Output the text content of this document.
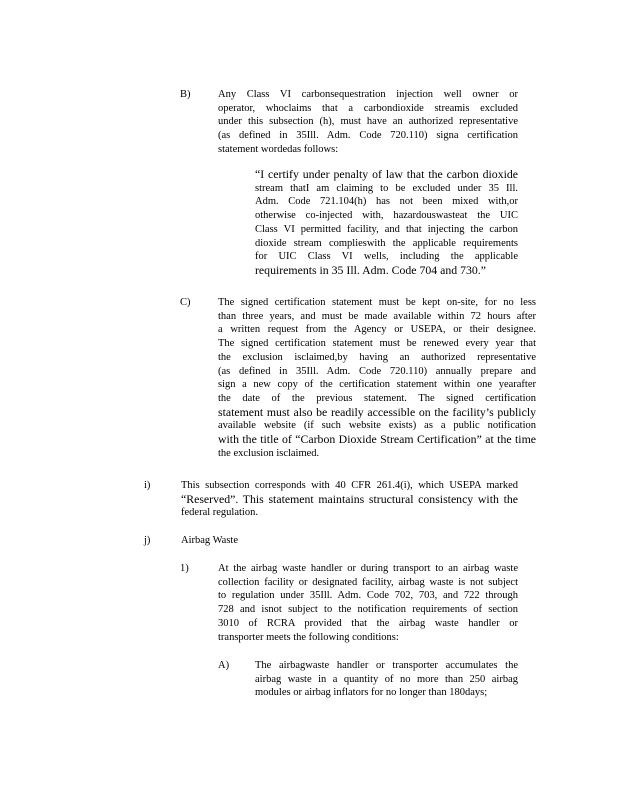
B)	Any Class VI carbonsequestration injection well owner or
operator, whoclaims that a carbondioxide streamis excluded
under this subsection (h), must have an authorized representative
(as defined in 35Ill. Adm. Code 720.110) signa certification
statement wordedas follows:
“I certify under penalty of law that the carbon dioxide
stream thatI am claiming to be excluded under 35 Ill.
Adm. Code 721.104(h) has not been mixed with,or
otherwise co-injected with, hazardouswasteat the UIC
Class VI permitted facility, and that injecting the carbon
dioxide stream complieswith the applicable requirements
for UIC Class VI wells, including the applicable
requirements in 35 Ill. Adm. Code 704 and 730.”
C)	The signed certification statement must be kept on-site, for no less
than three years, and must be made available within 72 hours after
a written request from the Agency or USEPA, or their designee.
The signed certification statement must be renewed every year that
the exclusion isclaimed,by having an authorized representative
(as defined in 35Ill. Adm. Code 720.110) annually prepare and
sign a new copy of the certification statement within one yearafter
the date of the previous statement. The signed certification
statement must also be readily accessible on the facility’s publicly
available website (if such website exists) as a public notification
with the title of “Carbon Dioxide Stream Certification” at the time
the exclusion isclaimed.
i)	This subsection corresponds with 40 CFR 261.4(i), which USEPA marked
“Reserved”. This statement maintains structural consistency with the
federal regulation.
j)	Airbag Waste
1)	At the airbag waste handler or during transport to an airbag waste
collection facility or designated facility, airbag waste is not subject
to regulation under 35Ill. Adm. Code 702, 703, and 722 through
728 and isnot subject to the notification requirements of section
3010 of RCRA provided that the airbag waste handler or
transporter meets the following conditions:
A) The airbagwaste handler or transporter accumulates the
airbag waste in a quantity of no more than 250 airbag
modules or airbag inflators for no longer than 180days;
